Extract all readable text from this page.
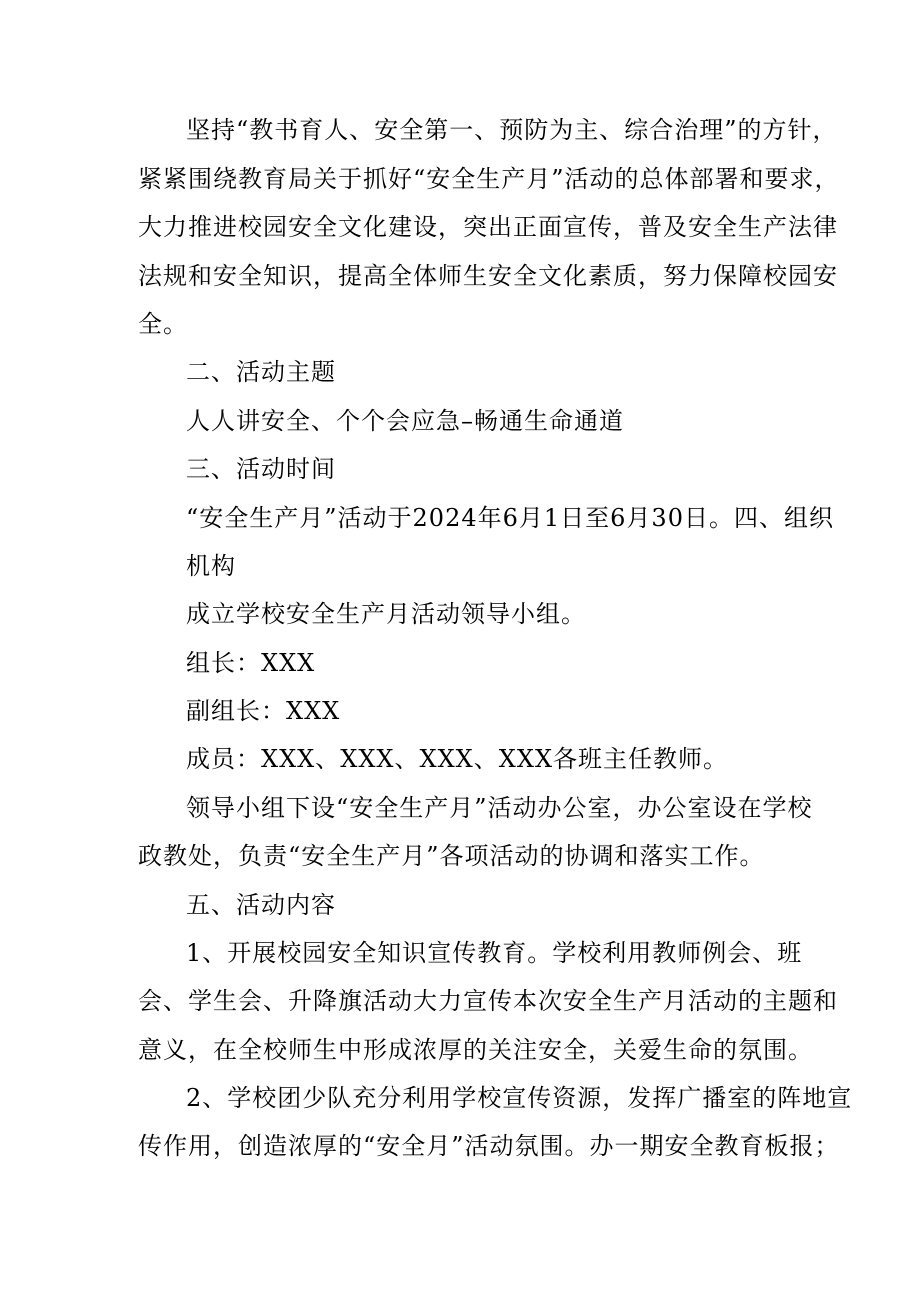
坚持“教书育人、安全第一、预防为主、综合治理”的方针，
紧紧围绕教育局关于抓好“安全生产月”活动的总体部署和要求，
大力推进校园安全文化建设，突出正面宣传，普及安全生产法律
法规和安全知识，提高全体师生安全文化素质，努力保障校园安
全。
二、活动主题
人人讲安全、个个会应急–畅通生命通道
三、活动时间
“安全生产月”活动于2024年6月1日至6月30日。四、组织
机构
成立学校安全生产月活动领导小组。
组长：XXX
副组长：XXX
成员：XXX、XXX、XXX、XXX各班主任教师。
领导小组下设“安全生产月”活动办公室，办公室设在学校
政教处，负责“安全生产月”各项活动的协调和落实工作。
五、活动内容
1、开展校园安全知识宣传教育。学校利用教师例会、班
会、学生会、升降旗活动大力宣传本次安全生产月活动的主题和
意义，在全校师生中形成浓厚的关注安全，关爱生命的氛围。
2、学校团少队充分利用学校宣传资源，发挥广播室的阵地宣
传作用，创造浓厚的“安全月”活动氛围。办一期安全教育板报；
